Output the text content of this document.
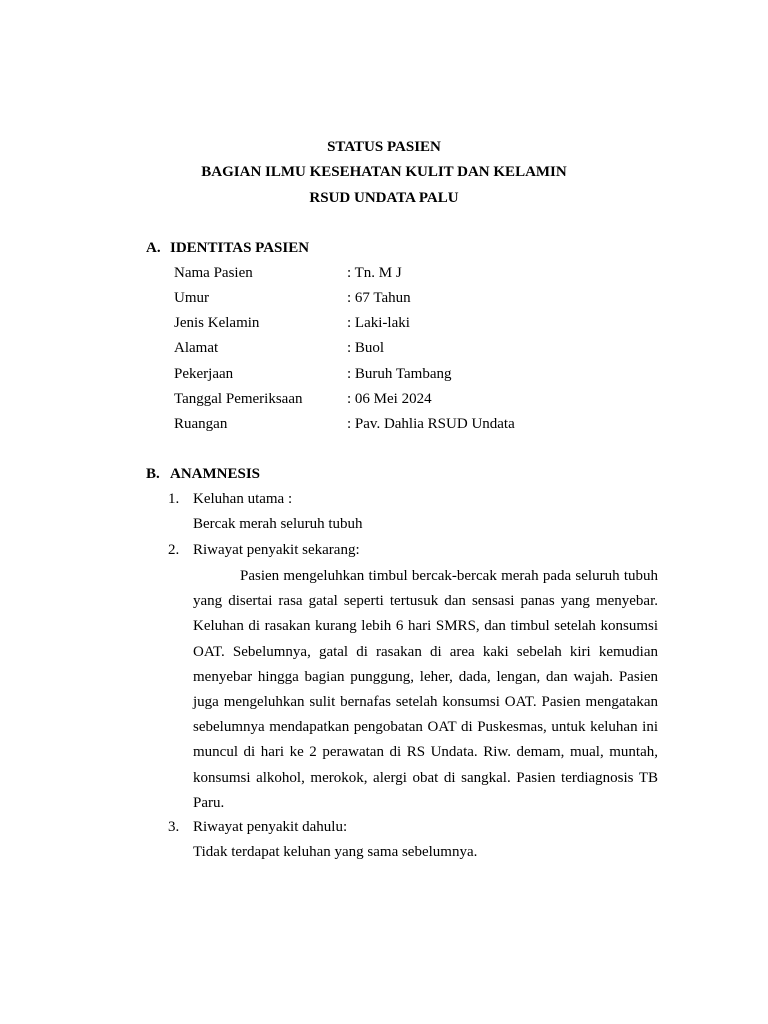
STATUS PASIEN
BAGIAN ILMU KESEHATAN KULIT DAN KELAMIN
RSUD UNDATA PALU
A. IDENTITAS PASIEN
Nama Pasien	: Tn. M J
Umur	: 67 Tahun
Jenis Kelamin	: Laki-laki
Alamat	: Buol
Pekerjaan	: Buruh Tambang
Tanggal Pemeriksaan	: 06 Mei 2024
Ruangan	: Pav. Dahlia RSUD Undata
B. ANAMNESIS
1. Keluhan utama :
Bercak merah seluruh tubuh
2. Riwayat penyakit sekarang:

Pasien mengeluhkan timbul bercak-bercak merah pada seluruh tubuh yang disertai rasa gatal seperti tertusuk dan sensasi panas yang menyebar. Keluhan di rasakan kurang lebih 6 hari SMRS, dan timbul setelah konsumsi OAT. Sebelumnya, gatal di rasakan di area kaki sebelah kiri kemudian menyebar hingga bagian punggung, leher, dada, lengan, dan wajah. Pasien juga mengeluhkan sulit bernafas setelah konsumsi OAT. Pasien mengatakan sebelumnya mendapatkan pengobatan OAT di Puskesmas, untuk keluhan ini muncul di hari ke 2 perawatan di RS Undata. Riw. demam, mual, muntah, konsumsi alkohol, merokok, alergi obat di sangkal. Pasien terdiagnosis TB Paru.

3. Riwayat penyakit dahulu:
Tidak terdapat keluhan yang sama sebelumnya.
